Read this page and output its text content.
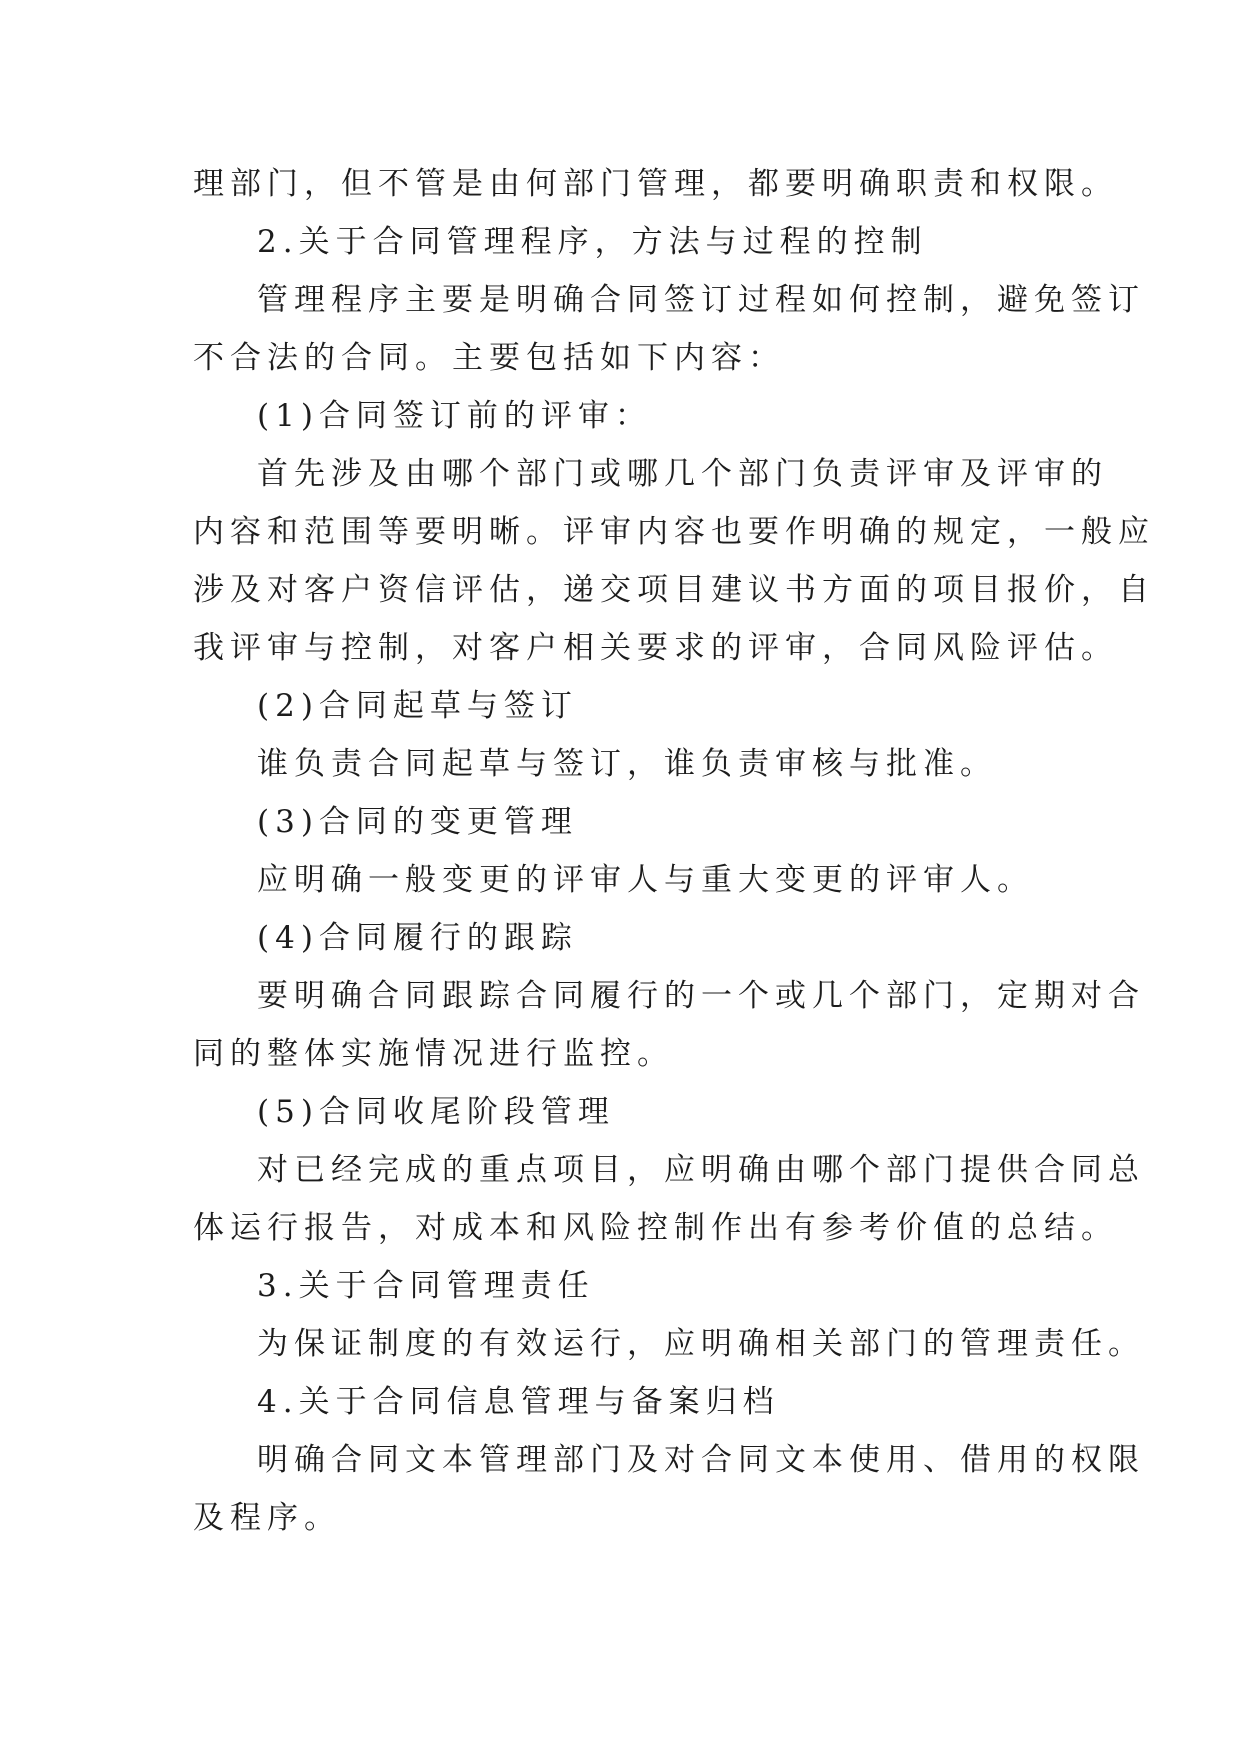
理部门，但不管是由何部门管理，都要明确职责和权限。
2.关于合同管理程序，方法与过程的控制
管理程序主要是明确合同签订过程如何控制，避免签订
不合法的合同。主要包括如下内容：
(1)合同签订前的评审：
首先涉及由哪个部门或哪几个部门负责评审及评审的
内容和范围等要明晰。评审内容也要作明确的规定，一般应
涉及对客户资信评估，递交项目建议书方面的项目报价，自
我评审与控制，对客户相关要求的评审，合同风险评估。
(2)合同起草与签订
谁负责合同起草与签订，谁负责审核与批准。
(3)合同的变更管理
应明确一般变更的评审人与重大变更的评审人。
(4)合同履行的跟踪
要明确合同跟踪合同履行的一个或几个部门，定期对合
同的整体实施情况进行监控。
(5)合同收尾阶段管理
对已经完成的重点项目，应明确由哪个部门提供合同总
体运行报告，对成本和风险控制作出有参考价值的总结。
3.关于合同管理责任
为保证制度的有效运行，应明确相关部门的管理责任。
4.关于合同信息管理与备案归档
明确合同文本管理部门及对合同文本使用、借用的权限
及程序。
